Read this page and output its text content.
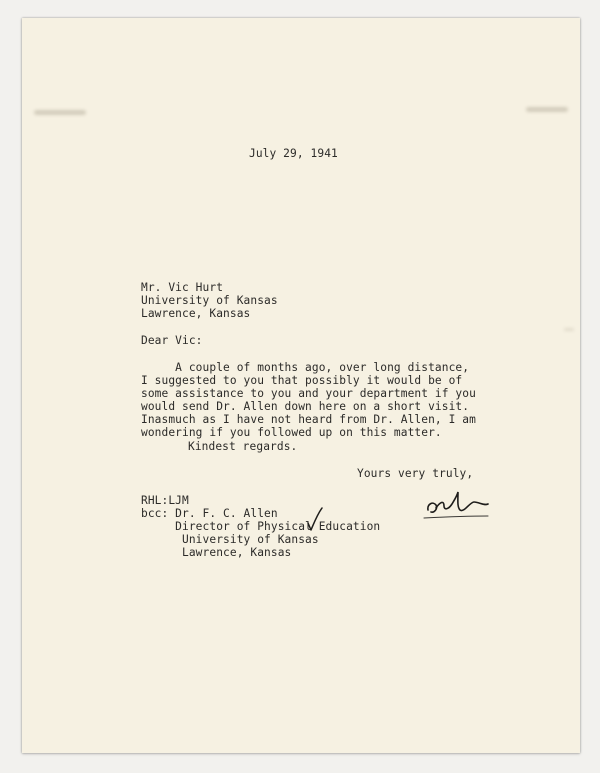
July 29, 1941

Mr. Vic Hurt

University of Kansas

Lawrence, Kansas

Dear Vic:

A couple of months ago, over long distance,

I suggested to you that possibly it would be of

some assistance to you and your department if you

would send Dr. Allen down here on a short visit.

Inasmuch as I have not heard from Dr. Allen, I am

wondering if you followed up on this matter.

Kindest regards.

Yours very truly,

RHL:LJM

bcc: Dr. F. C. Allen

Director of Physical Education

University of Kansas

Lawrence, Kansas
